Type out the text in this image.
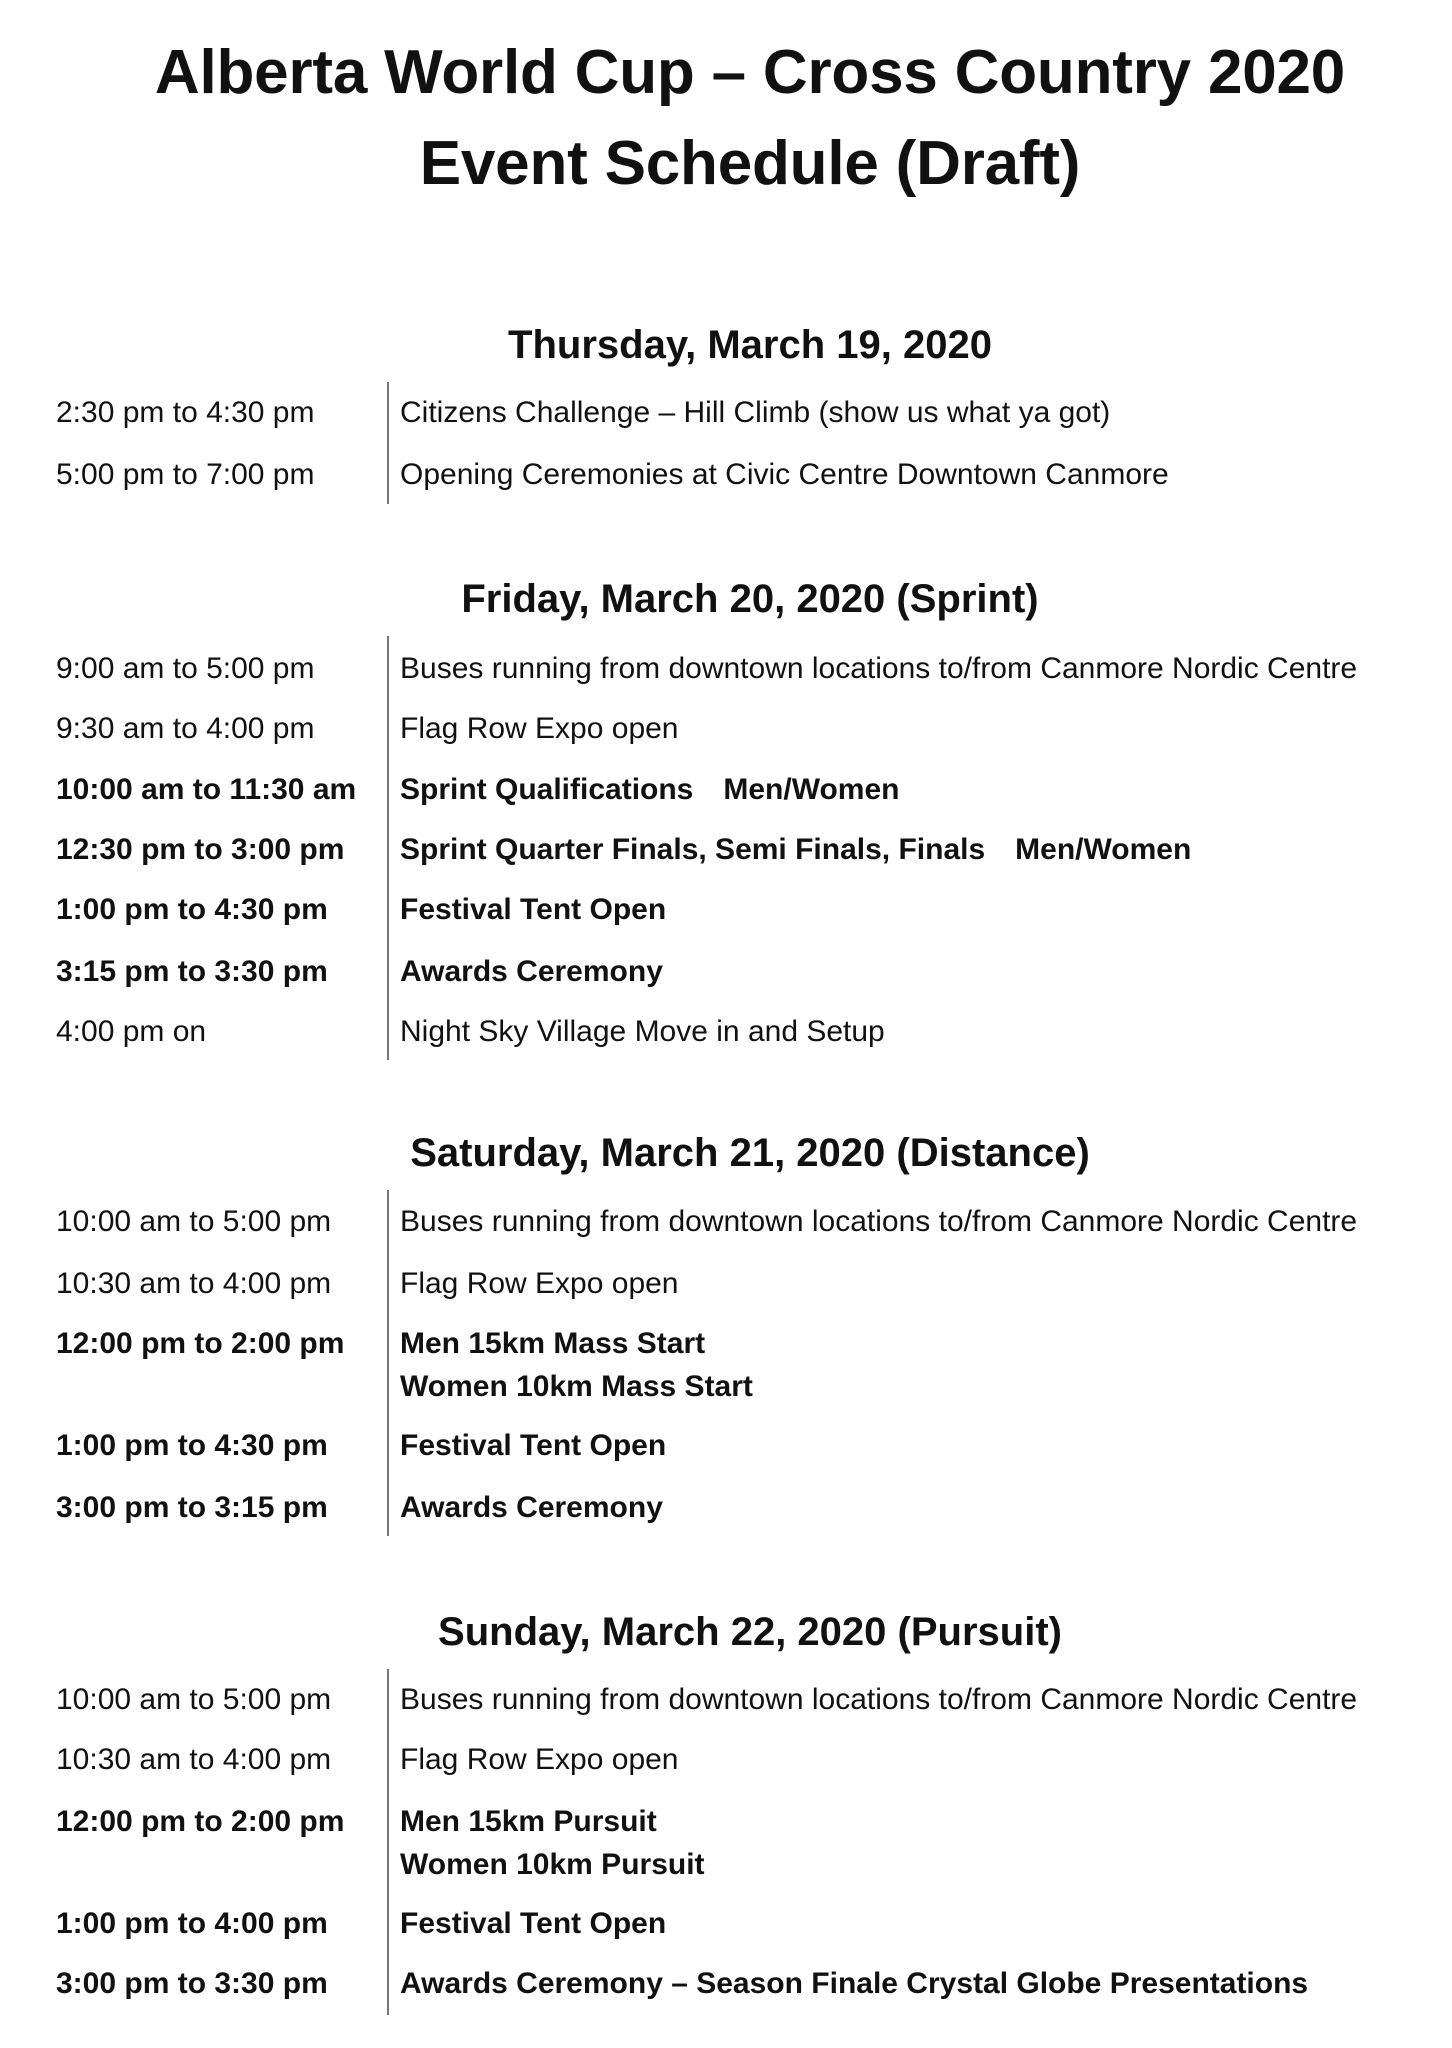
Alberta World Cup – Cross Country 2020
Event Schedule (Draft)
Thursday, March 19, 2020
2:30 pm to 4:30 pm	Citizens Challenge – Hill Climb (show us what ya got)
5:00 pm to 7:00 pm	Opening Ceremonies at Civic Centre Downtown Canmore
Friday, March 20, 2020 (Sprint)
9:00 am to 5:00 pm	Buses running from downtown locations to/from Canmore Nordic Centre
9:30 am to 4:00 pm	Flag Row Expo open
10:00 am to 11:30 am Sprint Qualifications Men/Women
12:30 pm to 3:00 pm Sprint Quarter Finals, Semi Finals, Finals Men/Women
1:00 pm to 4:30 pm Festival Tent Open
3:15 pm to 3:30 pm Awards Ceremony
4:00 pm on	Night Sky Village Move in and Setup
Saturday, March 21, 2020 (Distance)
10:00 am to 5:00 pm Buses running from downtown locations to/from Canmore Nordic Centre
10:30 am to 4:00 pm Flag Row Expo open
12:00 pm to 2:00 pm Men 15km Mass Start
Women 10km Mass Start
1:00 pm to 4:30 pm Festival Tent Open
3:00 pm to 3:15 pm Awards Ceremony
Sunday, March 22, 2020 (Pursuit)
10:00 am to 5:00 pm Buses running from downtown locations to/from Canmore Nordic Centre
10:30 am to 4:00 pm Flag Row Expo open
12:00 pm to 2:00 pm Men 15km Pursuit
Women 10km Pursuit
1:00 pm to 4:00 pm Festival Tent Open
3:00 pm to 3:30 pm Awards Ceremony – Season Finale Crystal Globe Presentations
